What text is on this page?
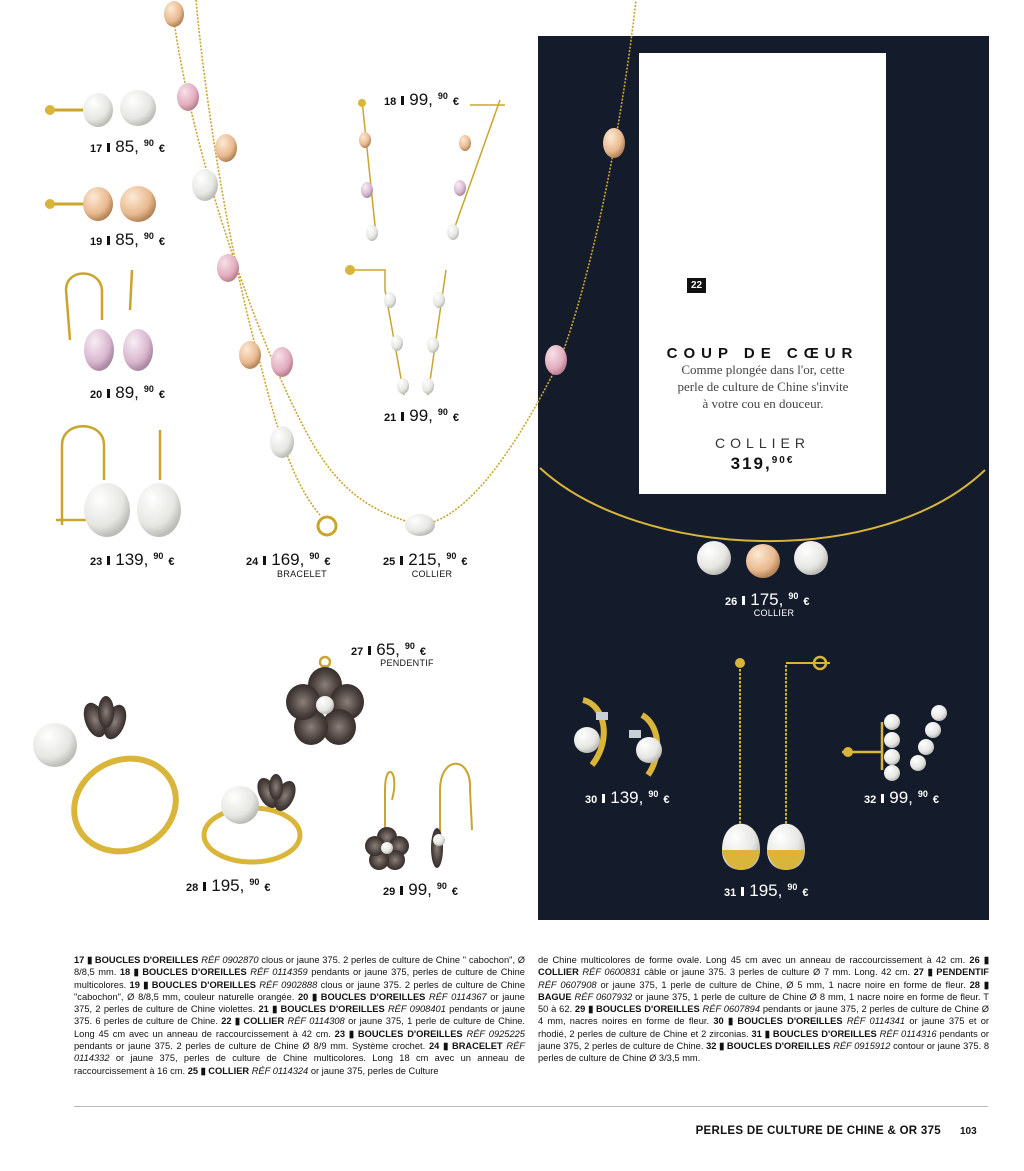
22
COUP DE CŒUR
Comme plongée dans l'or, cette
perle de culture de Chine s'invite
à votre cou en douceur.
COLLIER
319,$^{90€}$
17 85, 90 €
18 99, 90 €
19 85, 90 €
20 89, 90 €
21 99, 90 €
23 139, 90 €	24 169, 90 €
BRACELET
25 215, 90 €
COLLIER
26 175, 90 €
COLLIER
27 65, 90 €
PENDENTIF
30 139, 90 €	32 99, 90 €
28 195, 90 €	29 99, 90 €	31 195, 90 €
17 ▮ BOUCLES D'OREILLES RÉF 0902870 clous or jaune 375. 2 perles de culture de Chine " cabochon", Ø 8/8,5 mm. 18 ▮ BOUCLES D'OREILLES RÉF 0114359 pendants or jaune 375, perles de culture de Chine multicolores. 19 ▮ BOUCLES D'OREILLES RÉF 0902888 clous or jaune 375. 2 perles de culture de Chine "cabochon", Ø 8/8,5 mm, couleur naturelle orangée. 20 ▮ BOUCLES D'OREILLES RÉF 0114367 or jaune 375, 2 perles de culture de Chine violettes. 21 ▮ BOUCLES D'OREILLES RÉF 0908401 pendants or jaune 375. 6 perles de culture de Chine. 22 ▮ COLLIER RÉF 0114308 or jaune 375, 1 perle de culture de Chine. Long 45 cm avec un anneau de raccourcissement à 42 cm. 23 ▮ BOUCLES D'OREILLES RÉF 0925225 pendants or jaune 375. 2 perles de culture de Chine Ø 8/9 mm. Système crochet. 24 ▮ BRACELET RÉF 0114332 or jaune 375, perles de culture de Chine multicolores. Long 18 cm avec un anneau de raccourcissement à 16 cm. 25 ▮ COLLIER RÉF 0114324 or jaune 375, perles de Culture
de Chine multicolores de forme ovale. Long 45 cm avec un anneau de raccourcissement à 42 cm. 26 ▮ COLLIER RÉF 0600831 câble or jaune 375. 3 perles de culture Ø 7 mm. Long. 42 cm. 27 ▮ PENDENTIF RÉF 0607908 or jaune 375, 1 perle de culture de Chine, Ø 5 mm, 1 nacre noire en forme de fleur. 28 ▮ BAGUE RÉF 0607932 or jaune 375, 1 perle de culture de Chine Ø 8 mm, 1 nacre noire en forme de fleur. T 50 à 62. 29 ▮ BOUCLES D'OREILLES RÉF 0607894 pendants or jaune 375, 2 perles de culture de Chine Ø 4 mm, nacres noires en forme de fleur. 30 ▮ BOUCLES D'OREILLES RÉF 0114341 or jaune 375 et or rhodié, 2 perles de culture de Chine et 2 zirconias. 31 ▮ BOUCLES D'OREILLES RÉF 0114316 pendants or jaune 375, 2 perles de culture de Chine. 32 ▮ BOUCLES D'OREILLES RÉF 0915912 contour or jaune 375. 8 perles de culture de Chine Ø 3/3,5 mm.
PERLES DE CULTURE DE CHINE & OR 375 103
